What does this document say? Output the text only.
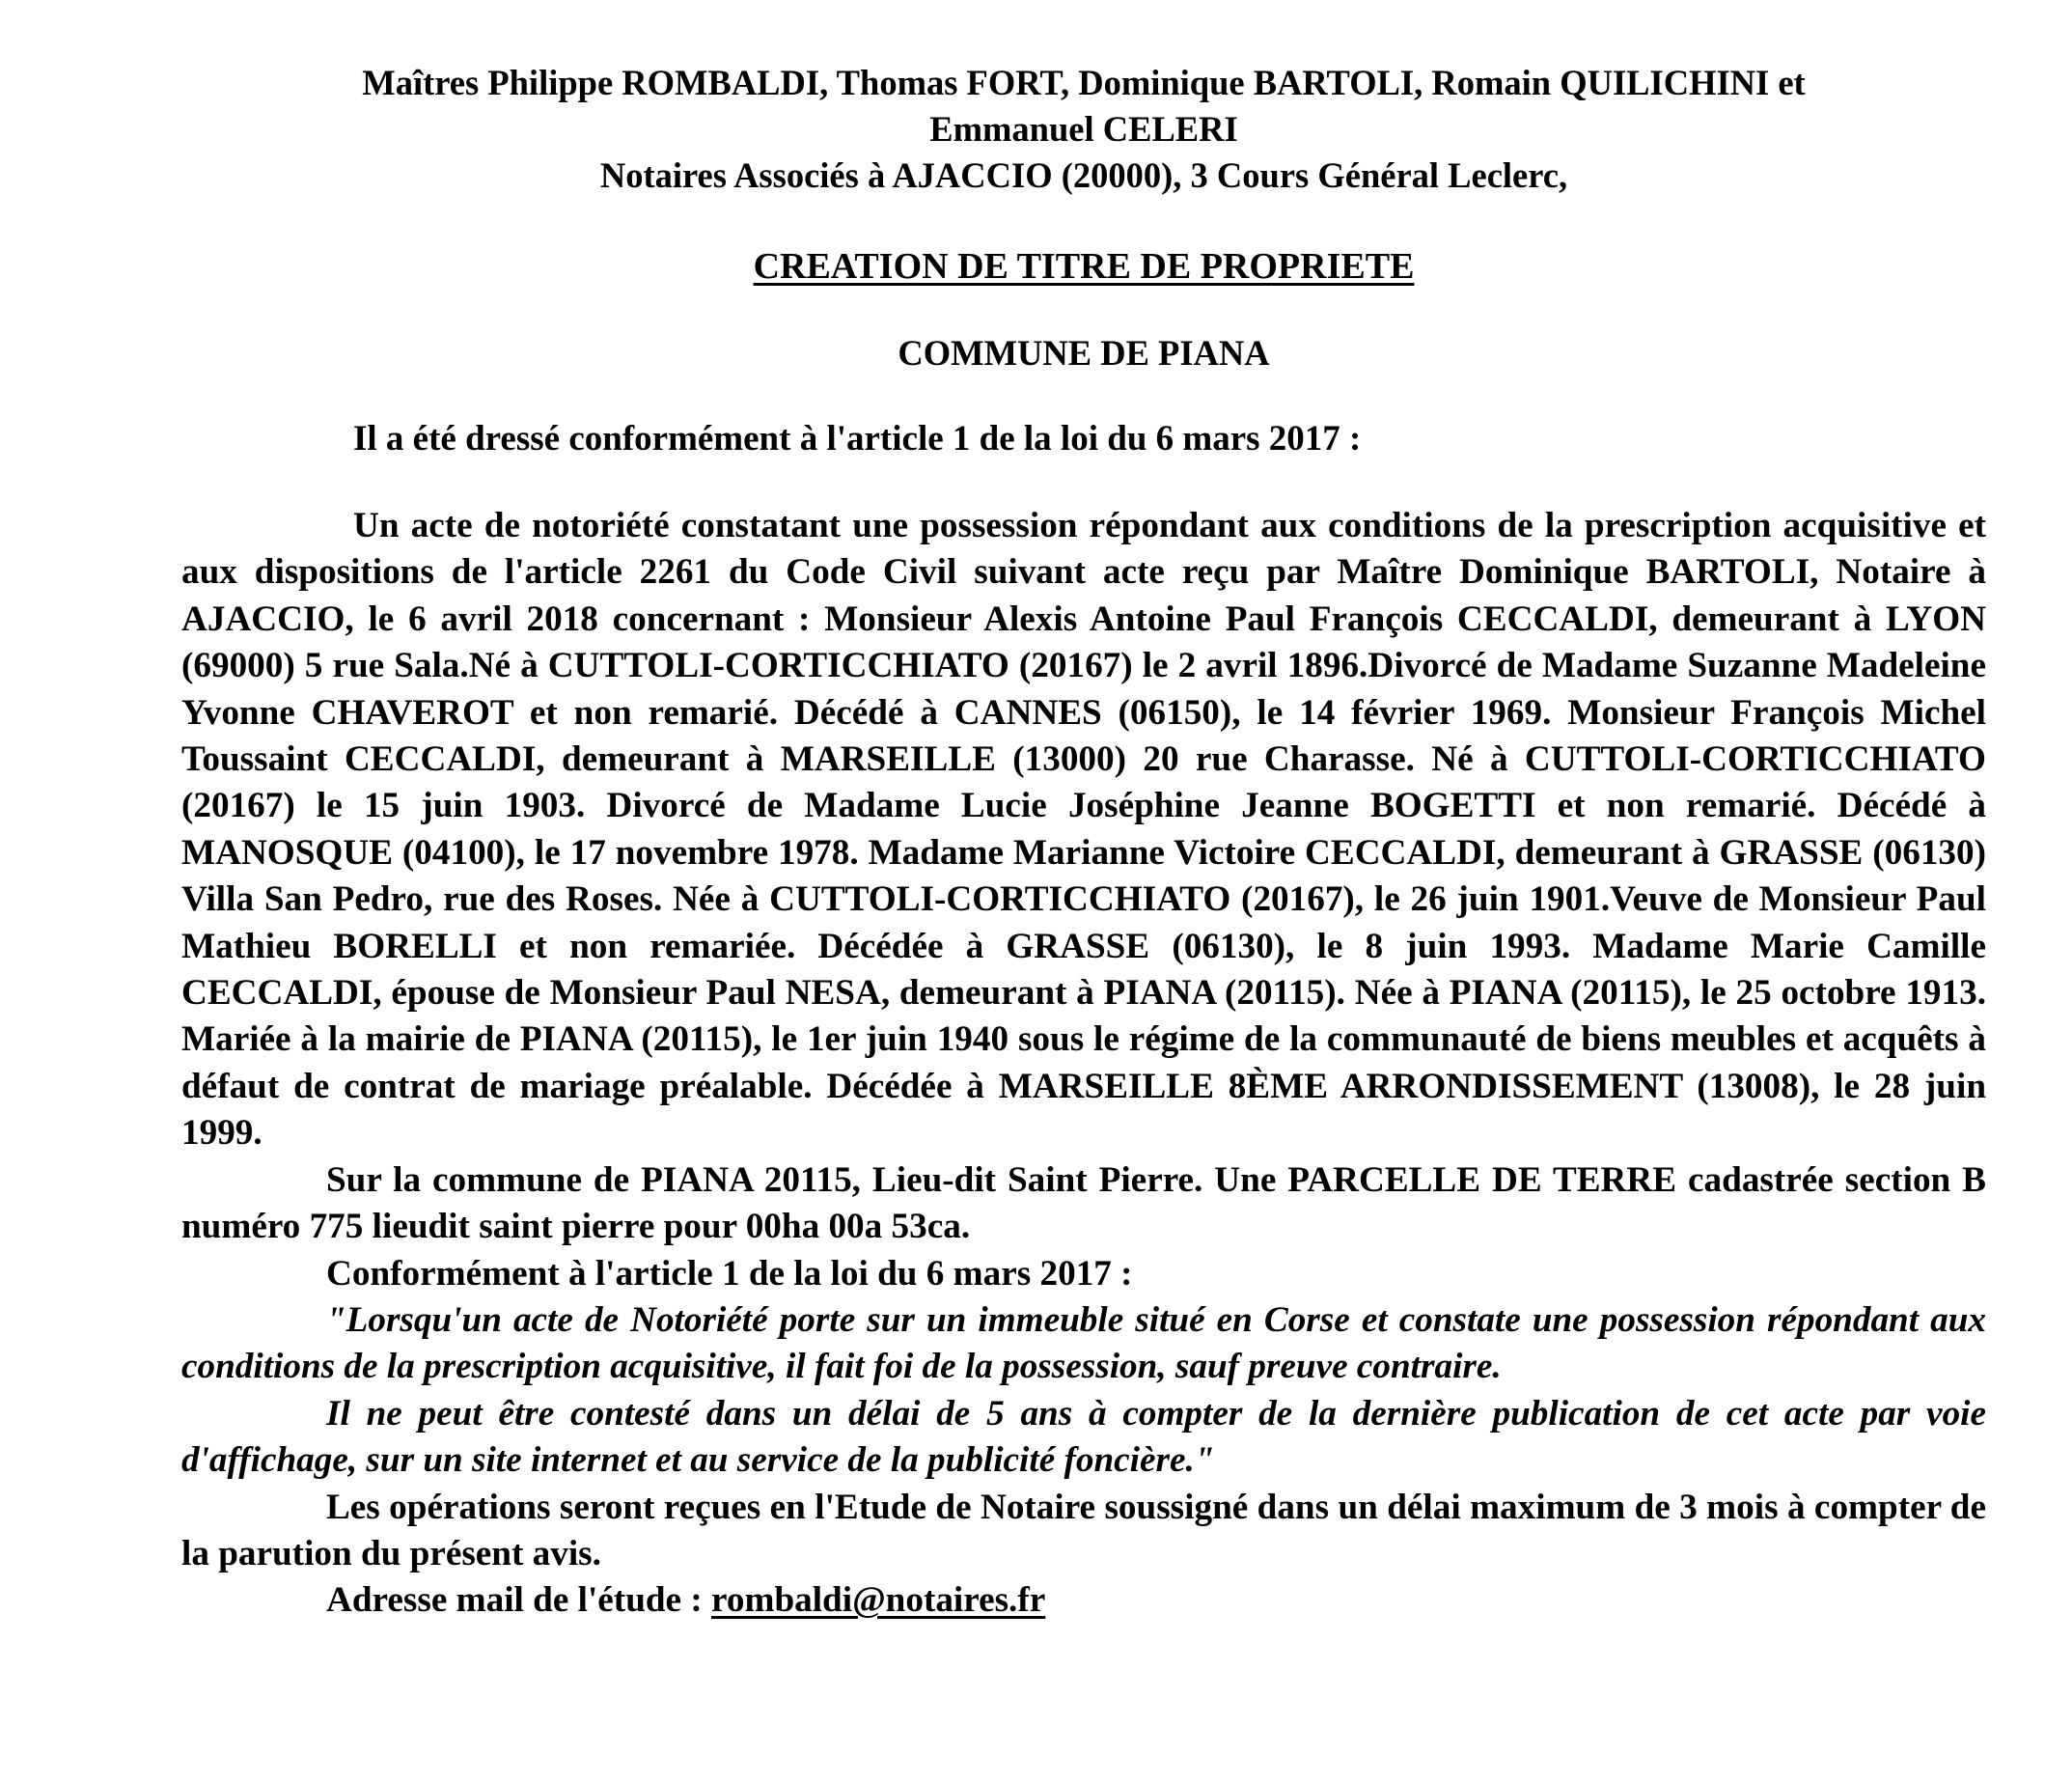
Maîtres Philippe ROMBALDI, Thomas FORT, Dominique BARTOLI, Romain QUILICHINI et
Emmanuel CELERI
Notaires Associés à AJACCIO (20000), 3 Cours Général Leclerc,
CREATION DE TITRE DE PROPRIETE
COMMUNE DE PIANA
Il a été dressé conformément à l'article 1 de la loi du 6 mars 2017 :

Un acte de notoriété constatant une possession répondant aux conditions de la prescription acquisitive et aux dispositions de l'article 2261 du Code Civil suivant acte reçu par Maître Dominique BARTOLI, Notaire à AJACCIO, le 6 avril 2018 concernant : Monsieur Alexis Antoine Paul François CECCALDI, demeurant à LYON (69000) 5 rue Sala.Né à CUTTOLI-CORTICCHIATO (20167) le 2 avril 1896.Divorcé de Madame Suzanne Madeleine Yvonne CHAVEROT et non remarié. Décédé à CANNES (06150), le 14 février 1969. Monsieur François Michel Toussaint CECCALDI, demeurant à MARSEILLE (13000) 20 rue Charasse. Né à CUTTOLI-CORTICCHIATO (20167) le 15 juin 1903. Divorcé de Madame Lucie Joséphine Jeanne BOGETTI et non remarié. Décédé à MANOSQUE (04100), le 17 novembre 1978. Madame Marianne Victoire CECCALDI, demeurant à GRASSE (06130) Villa San Pedro, rue des Roses. Née à CUTTOLI-CORTICCHIATO (20167), le 26 juin 1901.Veuve de Monsieur Paul Mathieu BORELLI et non remariée. Décédée à GRASSE (06130), le 8 juin 1993. Madame Marie Camille CECCALDI, épouse de Monsieur Paul NESA, demeurant à PIANA (20115). Née à PIANA (20115), le 25 octobre 1913. Mariée à la mairie de PIANA (20115), le 1er juin 1940 sous le régime de la communauté de biens meubles et acquêts à défaut de contrat de mariage préalable. Décédée à MARSEILLE 8ÈME ARRONDISSEMENT (13008), le 28 juin 1999.

Sur la commune de PIANA 20115, Lieu-dit Saint Pierre. Une PARCELLE DE TERRE cadastrée section B numéro 775 lieudit saint pierre pour 00ha 00a 53ca.

Conformément à l'article 1 de la loi du 6 mars 2017 :

"Lorsqu'un acte de Notoriété porte sur un immeuble situé en Corse et constate une possession répondant aux conditions de la prescription acquisitive, il fait foi de la possession, sauf preuve contraire.

Il ne peut être contesté dans un délai de 5 ans à compter de la dernière publication de cet acte par voie d'affichage, sur un site internet et au service de la publicité foncière."

Les opérations seront reçues en l'Etude de Notaire soussigné dans un délai maximum de 3 mois à compter de la parution du présent avis.

Adresse mail de l'étude : rombaldi@notaires.fr
